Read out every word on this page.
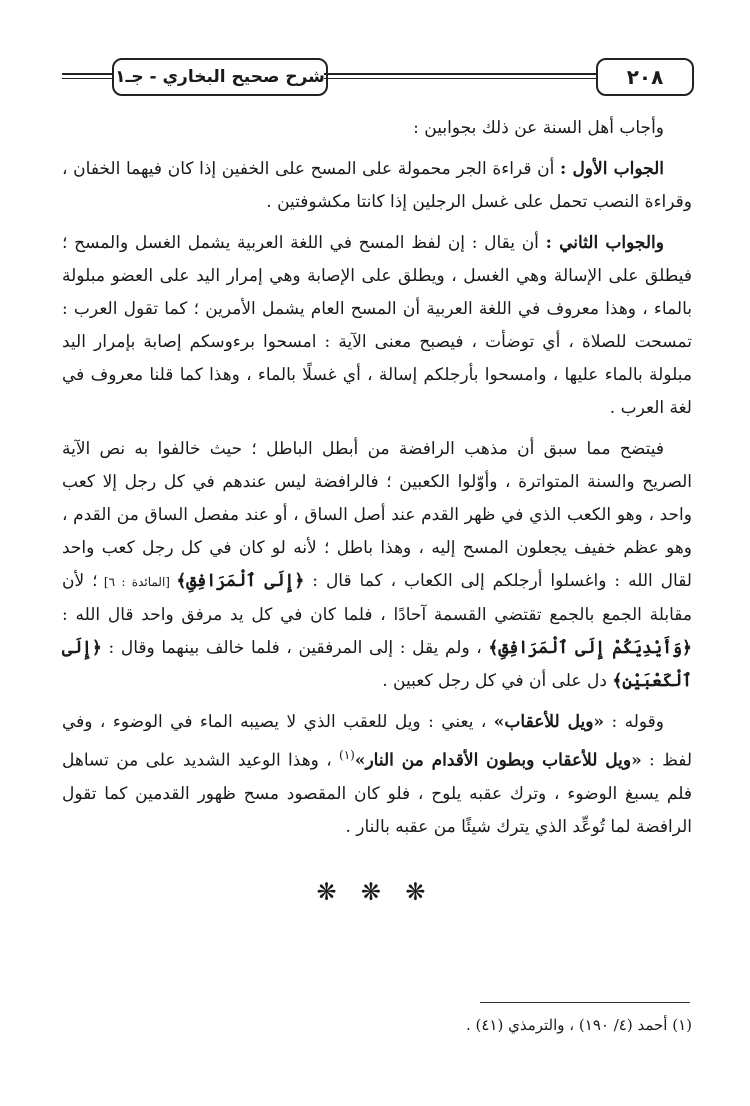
شرح صحيح البخاري - جـ١	٢٠٨

وأجاب أهل السنة عن ذلك بجوابين :

الجواب الأول : أن قراءة الجر محمولة على المسح على الخفين إذا كان فيهما الخفان ، وقراءة النصب تحمل على غسل الرجلين إذا كانتا مكشوفتين .

والجواب الثاني : أن يقال : إن لفظ المسح في اللغة العربية يشمل الغسل والمسح ؛ فيطلق على الإسالة وهي الغسل ، ويطلق على الإصابة وهي إمرار اليد على العضو مبلولة بالماء ، وهذا معروف في اللغة العربية أن المسح العام يشمل الأمرين ؛ كما تقول العرب : تمسحت للصلاة ، أي توضأت ، فيصبح معنى الآية : امسحوا برءوسكم إصابة بإمرار اليد مبلولة بالماء عليها ، وامسحوا بأرجلكم إسالة ، أي غسلًا بالماء ، وهذا كما قلنا معروف في لغة العرب .

فيتضح مما سبق أن مذهب الرافضة من أبطل الباطل ؛ حيث خالفوا به نص الآية الصريح والسنة المتواترة ، وأوّلوا الكعبين ؛ فالرافضة ليس عندهم في كل رجل إلا كعب واحد ، وهو الكعب الذي في ظهر القدم عند أصل الساق ، أو عند مفصل الساق من القدم ، وهو عظم خفيف يجعلون المسح إليه ، وهذا باطل ؛ لأنه لو كان في كل رجل كعب واحد لقال الله : واغسلوا أرجلكم إلى الكعاب ، كما قال : ﴿إِلَى ٱلْمَرَافِقِ﴾ [المائدة : ٦] ؛ لأن مقابلة الجمع بالجمع تقتضي القسمة آحادًا ، فلما كان في كل يد مرفق واحد قال الله : ﴿وَأَيْدِيَكُمْ إِلَى ٱلْمَرَافِقِ﴾ ، ولم يقل : إلى المرفقين ، فلما خالف بينهما وقال : ﴿إِلَى ٱلْكَعْبَيْنِ﴾ دل على أن في كل رجل كعبين .

وقوله : «ويل للأعقاب» ، يعني : ويل للعقب الذي لا يصيبه الماء في الوضوء ، وفي لفظ : «ويل للأعقاب وبطون الأقدام من النار»$^{(١)}$ ، وهذا الوعيد الشديد على من تساهل فلم يسبغ الوضوء ، وترك عقبه يلوح ، فلو كان المقصود مسح ظهور القدمين كما تقول الرافضة لما تُوعِّد الذي يترك شيئًا من عقبه بالنار .

❋ ❋ ❋
(١) أحمد (٤/ ١٩٠) ، والترمذي (٤١) .
